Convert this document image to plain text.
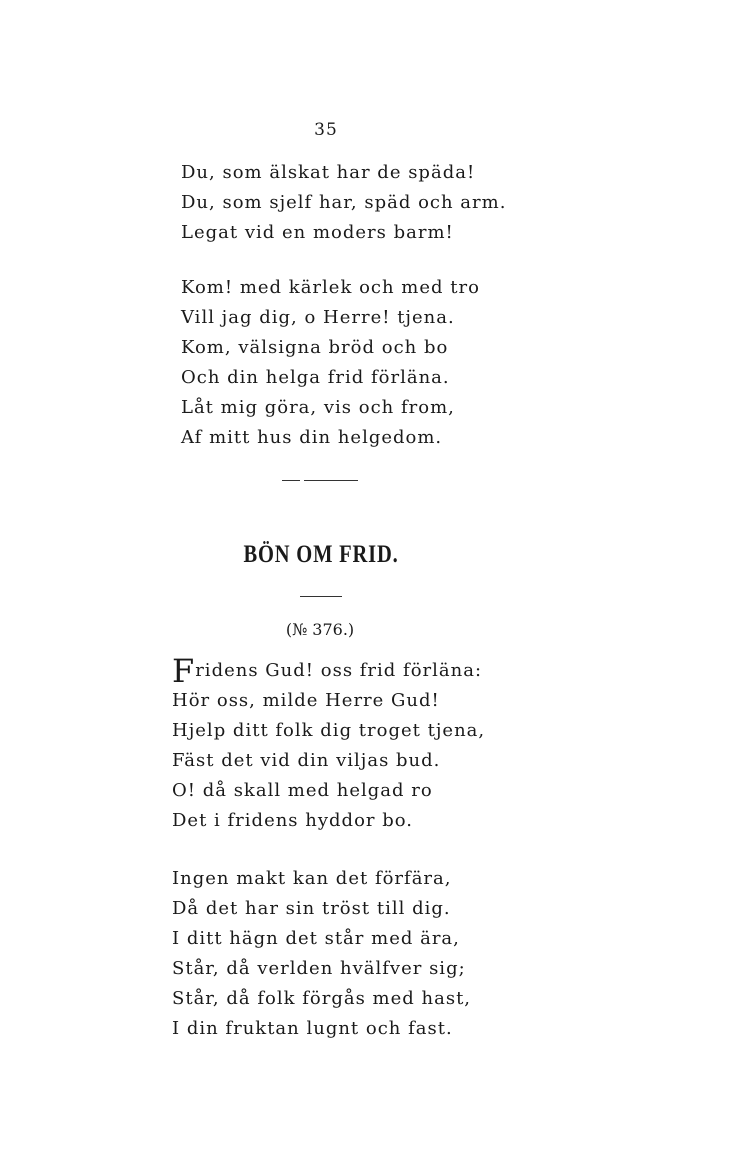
35
Du, som älskat har de späda!
Du, som sjelf har, späd och arm.
Legat vid en moders barm!
Kom! med kärlek och med tro
Vill jag dig, o Herre! tjena.
Kom, välsigna bröd och bo
Och din helga frid förläna.
Låt mig göra, vis och from,
Af mitt hus din helgedom.
BÖN OM FRID.
(№ 376.)
Fridens Gud! oss frid förläna:
Hör oss, milde Herre Gud!
Hjelp ditt folk dig troget tjena,
Fäst det vid din viljas bud.
O! då skall med helgad ro
Det i fridens hyddor bo.
Ingen makt kan det förfära,
Då det har sin tröst till dig.
I ditt hägn det står med ära,
Står, då verlden hvälfver sig;
Står, då folk förgås med hast,
I din fruktan lugnt och fast.
